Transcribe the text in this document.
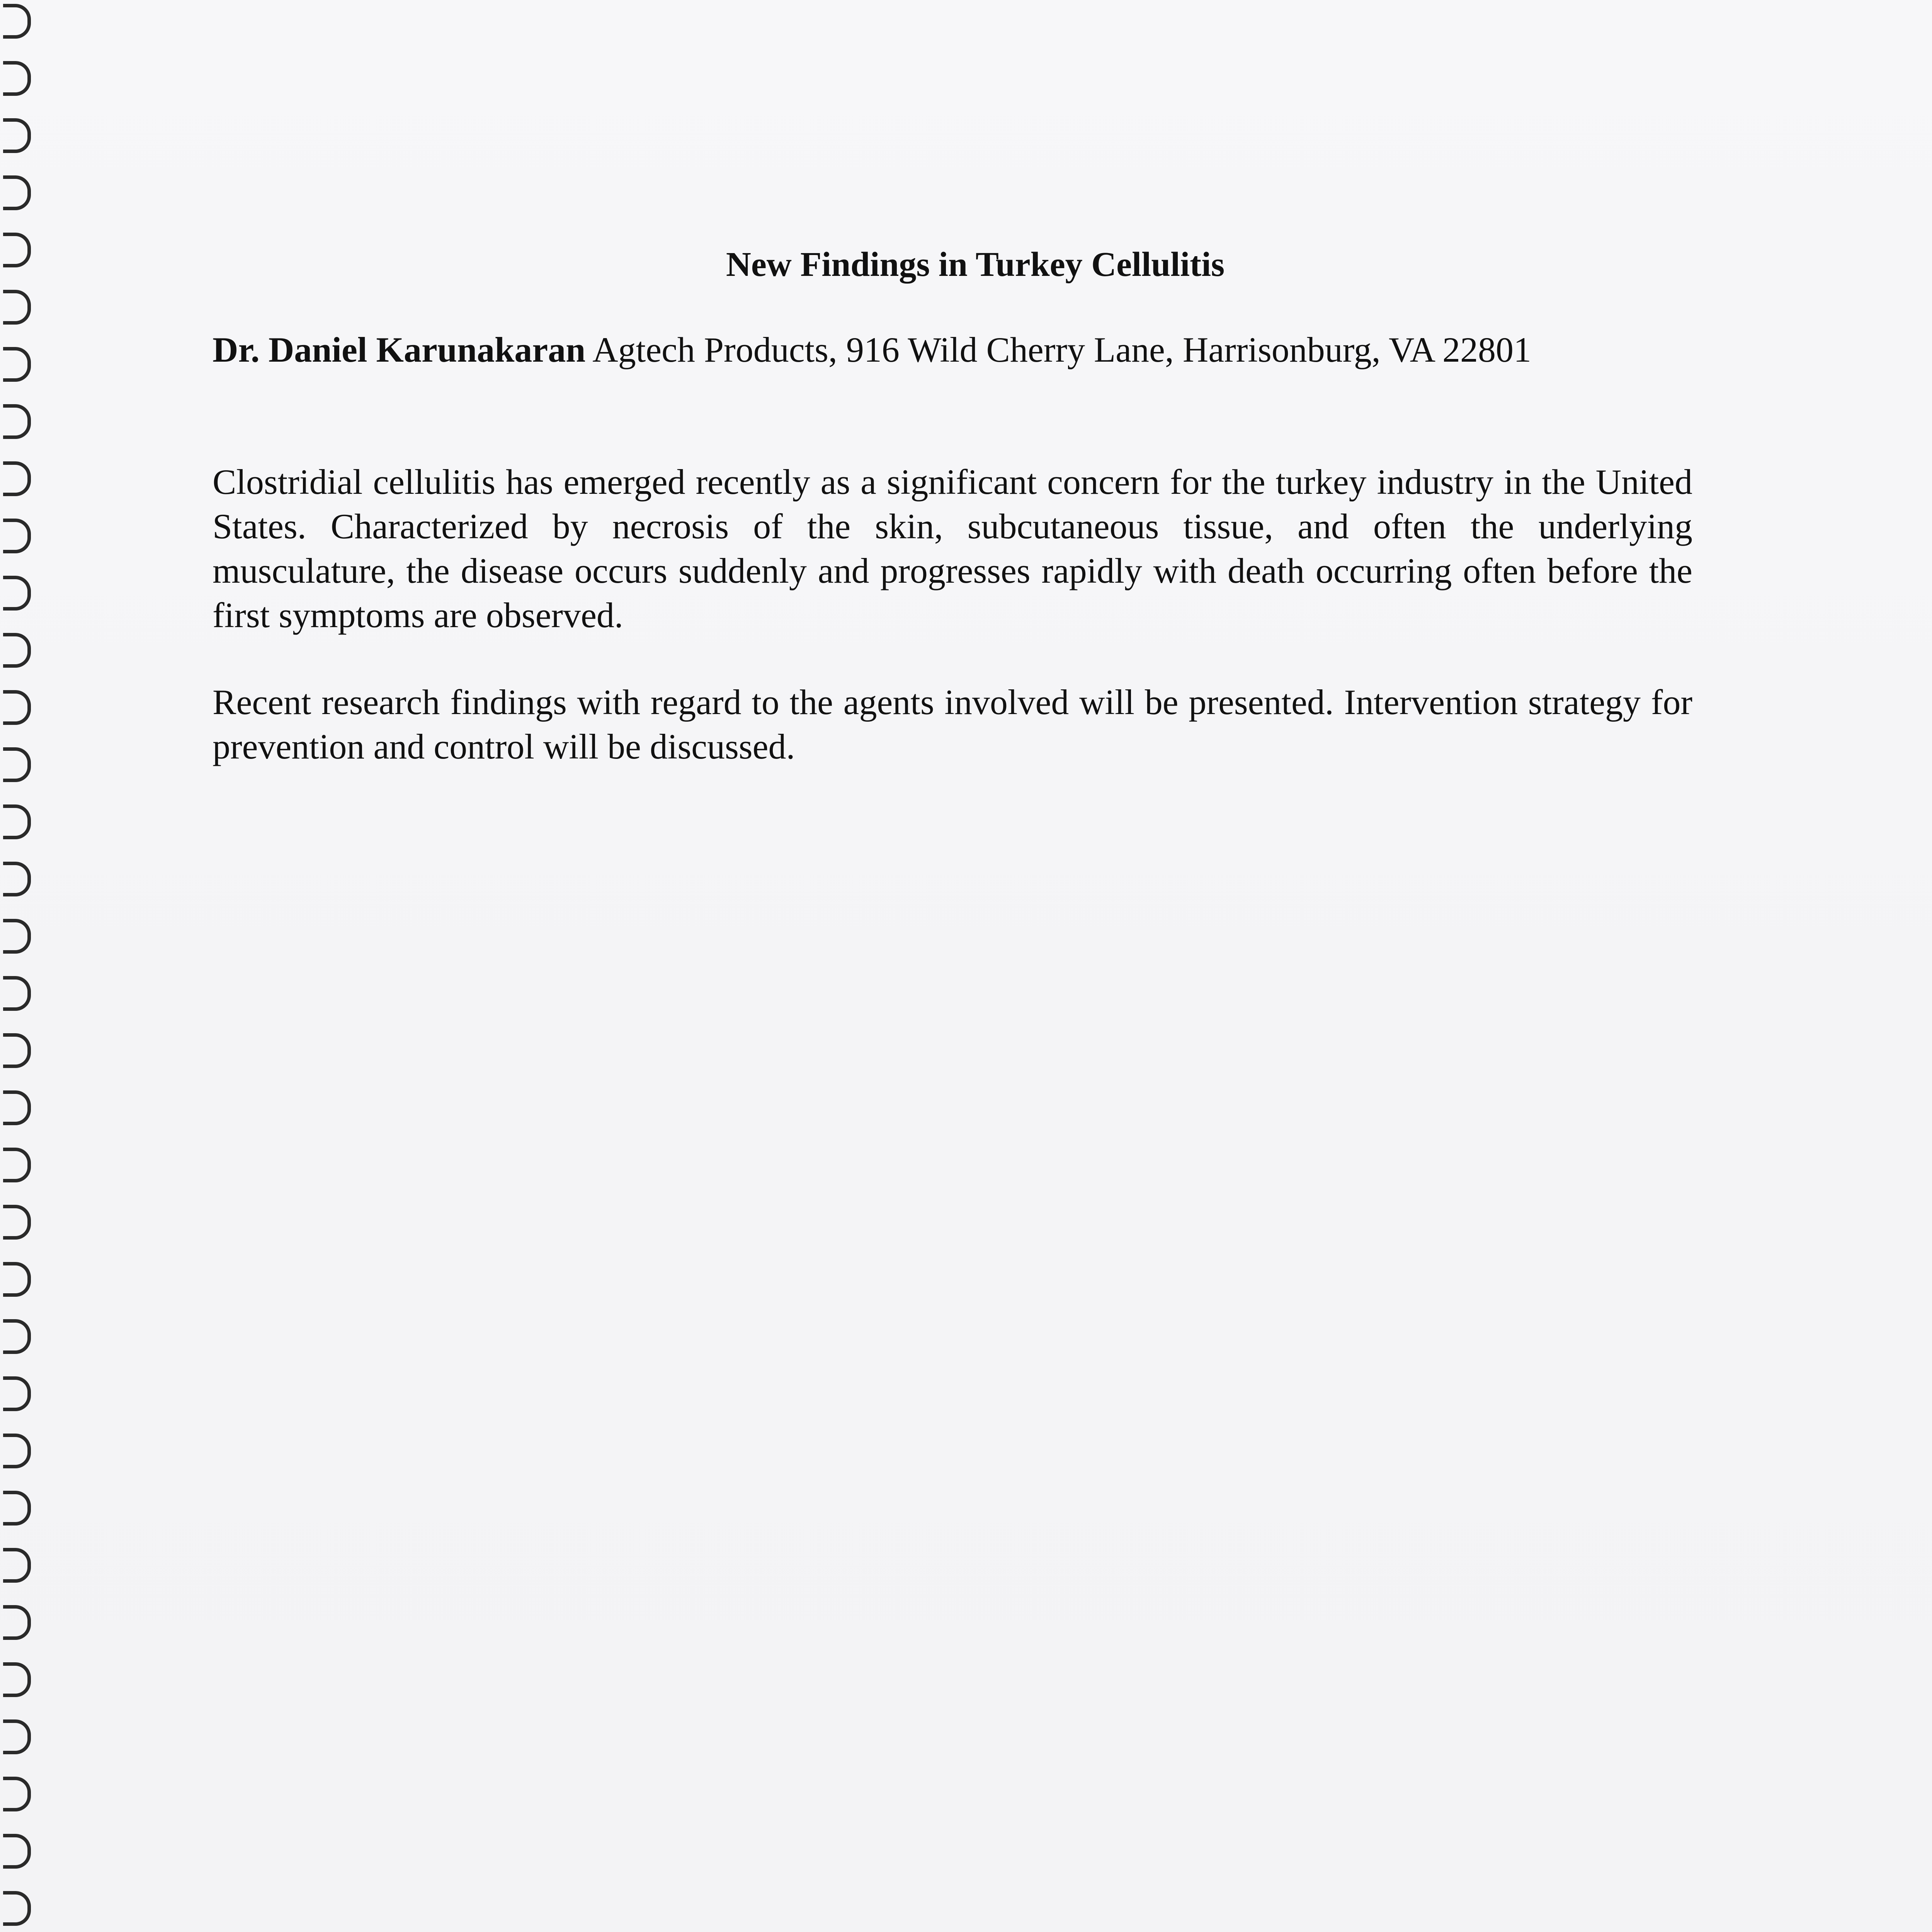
New Findings in Turkey Cellulitis
Dr. Daniel Karunakaran Agtech Products, 916 Wild Cherry Lane, Harrisonburg, VA 22801
Clostridial cellulitis has emerged recently as a significant concern for the turkey industry in the United States. Characterized by necrosis of the skin, subcutaneous tissue, and often the underlying musculature, the disease occurs suddenly and progresses rapidly with death occurring often before the first symptoms are observed.
Recent research findings with regard to the agents involved will be presented. Intervention strategy for prevention and control will be discussed.
